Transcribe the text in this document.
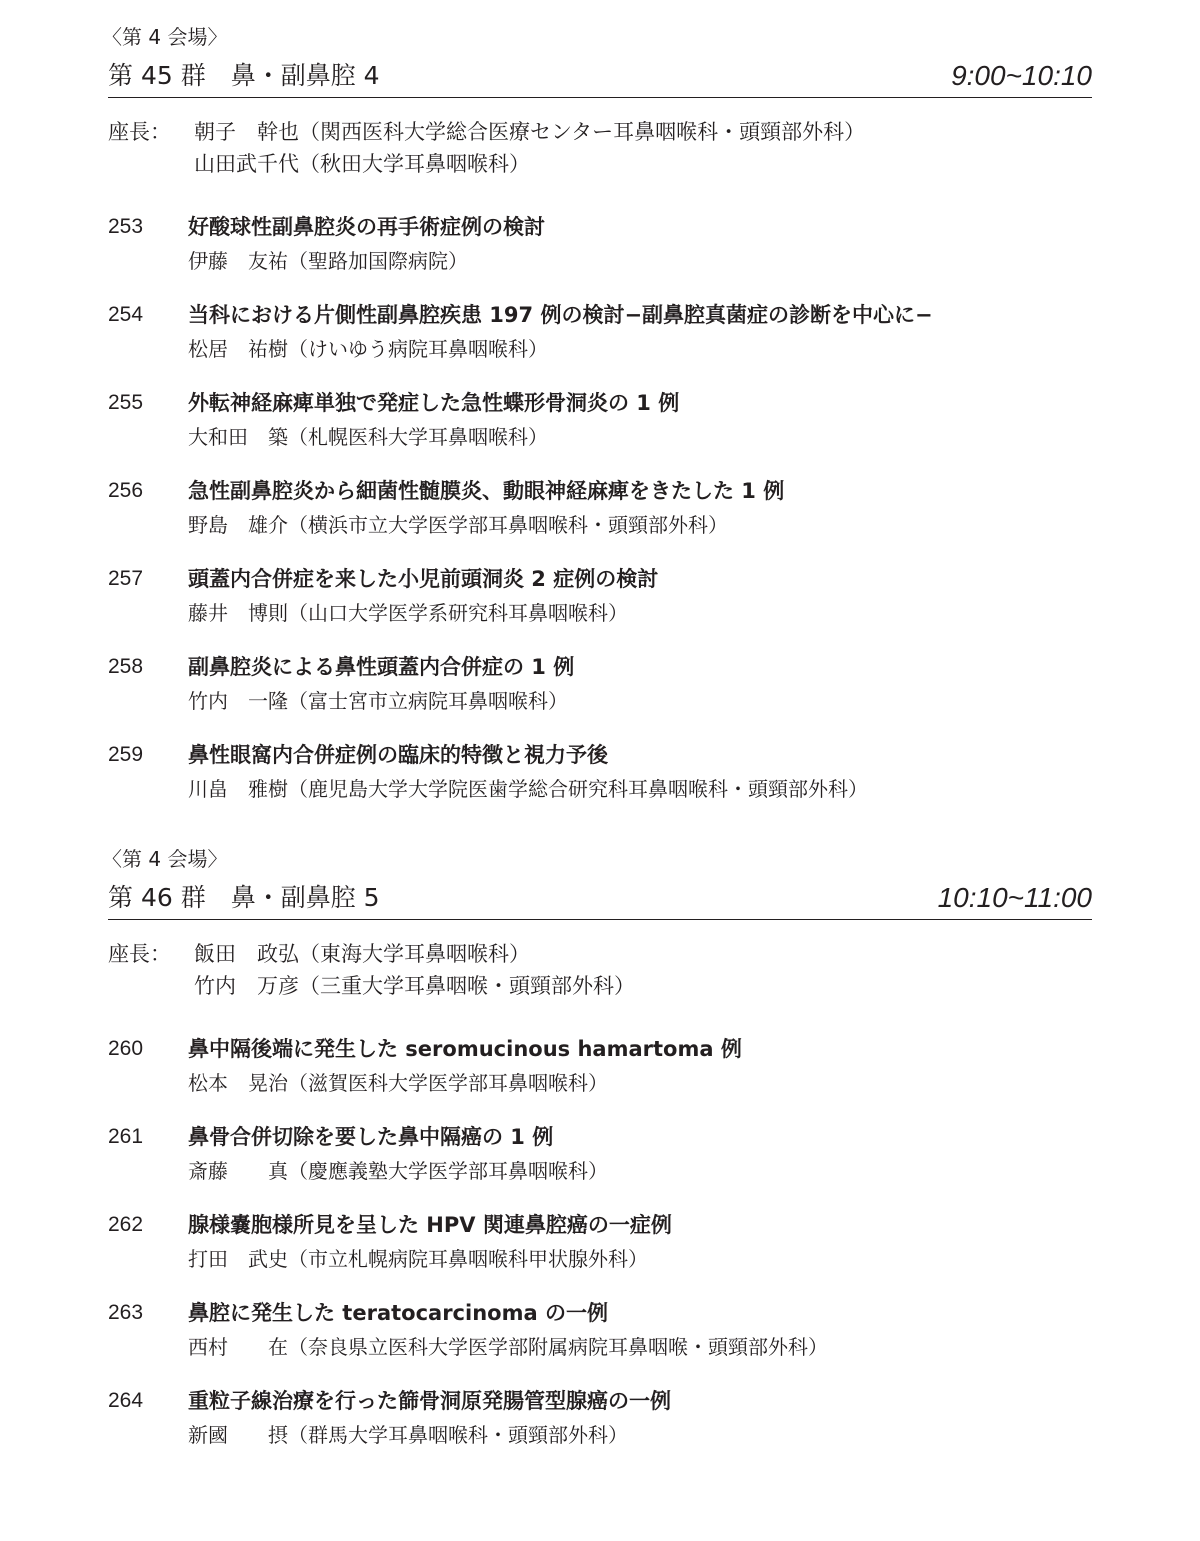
〈第 4 会場〉
第 45 群　鼻・副鼻腔 4	9:00~10:10
座長：	朝子　幹也（関西医科大学総合医療センター耳鼻咽喉科・頭頸部外科）
山田武千代（秋田大学耳鼻咽喉科）
253	好酸球性副鼻腔炎の再手術症例の検討
伊藤　友祐（聖路加国際病院）
254	当科における片側性副鼻腔疾患 197 例の検討−副鼻腔真菌症の診断を中心に−
松居　祐樹（けいゆう病院耳鼻咽喉科）
255	外転神経麻痺単独で発症した急性蝶形骨洞炎の 1 例
大和田　築（札幌医科大学耳鼻咽喉科）
256	急性副鼻腔炎から細菌性髄膜炎、動眼神経麻痺をきたした 1 例
野島　雄介（横浜市立大学医学部耳鼻咽喉科・頭頸部外科）
257	頭蓋内合併症を来した小児前頭洞炎 2 症例の検討
藤井　博則（山口大学医学系研究科耳鼻咽喉科）
258	副鼻腔炎による鼻性頭蓋内合併症の 1 例
竹内　一隆（富士宮市立病院耳鼻咽喉科）
259	鼻性眼窩内合併症例の臨床的特徴と視力予後
川畠　雅樹（鹿児島大学大学院医歯学総合研究科耳鼻咽喉科・頭頸部外科）
〈第 4 会場〉
第 46 群　鼻・副鼻腔 5	10:10~11:00
座長：	飯田　政弘（東海大学耳鼻咽喉科）
竹内　万彦（三重大学耳鼻咽喉・頭頸部外科）
260	鼻中隔後端に発生した seromucinous hamartoma 例
松本　晃治（滋賀医科大学医学部耳鼻咽喉科）
261	鼻骨合併切除を要した鼻中隔癌の 1 例
斎藤　　真（慶應義塾大学医学部耳鼻咽喉科）
262	腺様嚢胞様所見を呈した HPV 関連鼻腔癌の一症例
打田　武史（市立札幌病院耳鼻咽喉科甲状腺外科）
263	鼻腔に発生した teratocarcinoma の一例
西村　　在（奈良県立医科大学医学部附属病院耳鼻咽喉・頭頸部外科）
264	重粒子線治療を行った篩骨洞原発腸管型腺癌の一例
新國　　摂（群馬大学耳鼻咽喉科・頭頸部外科）
